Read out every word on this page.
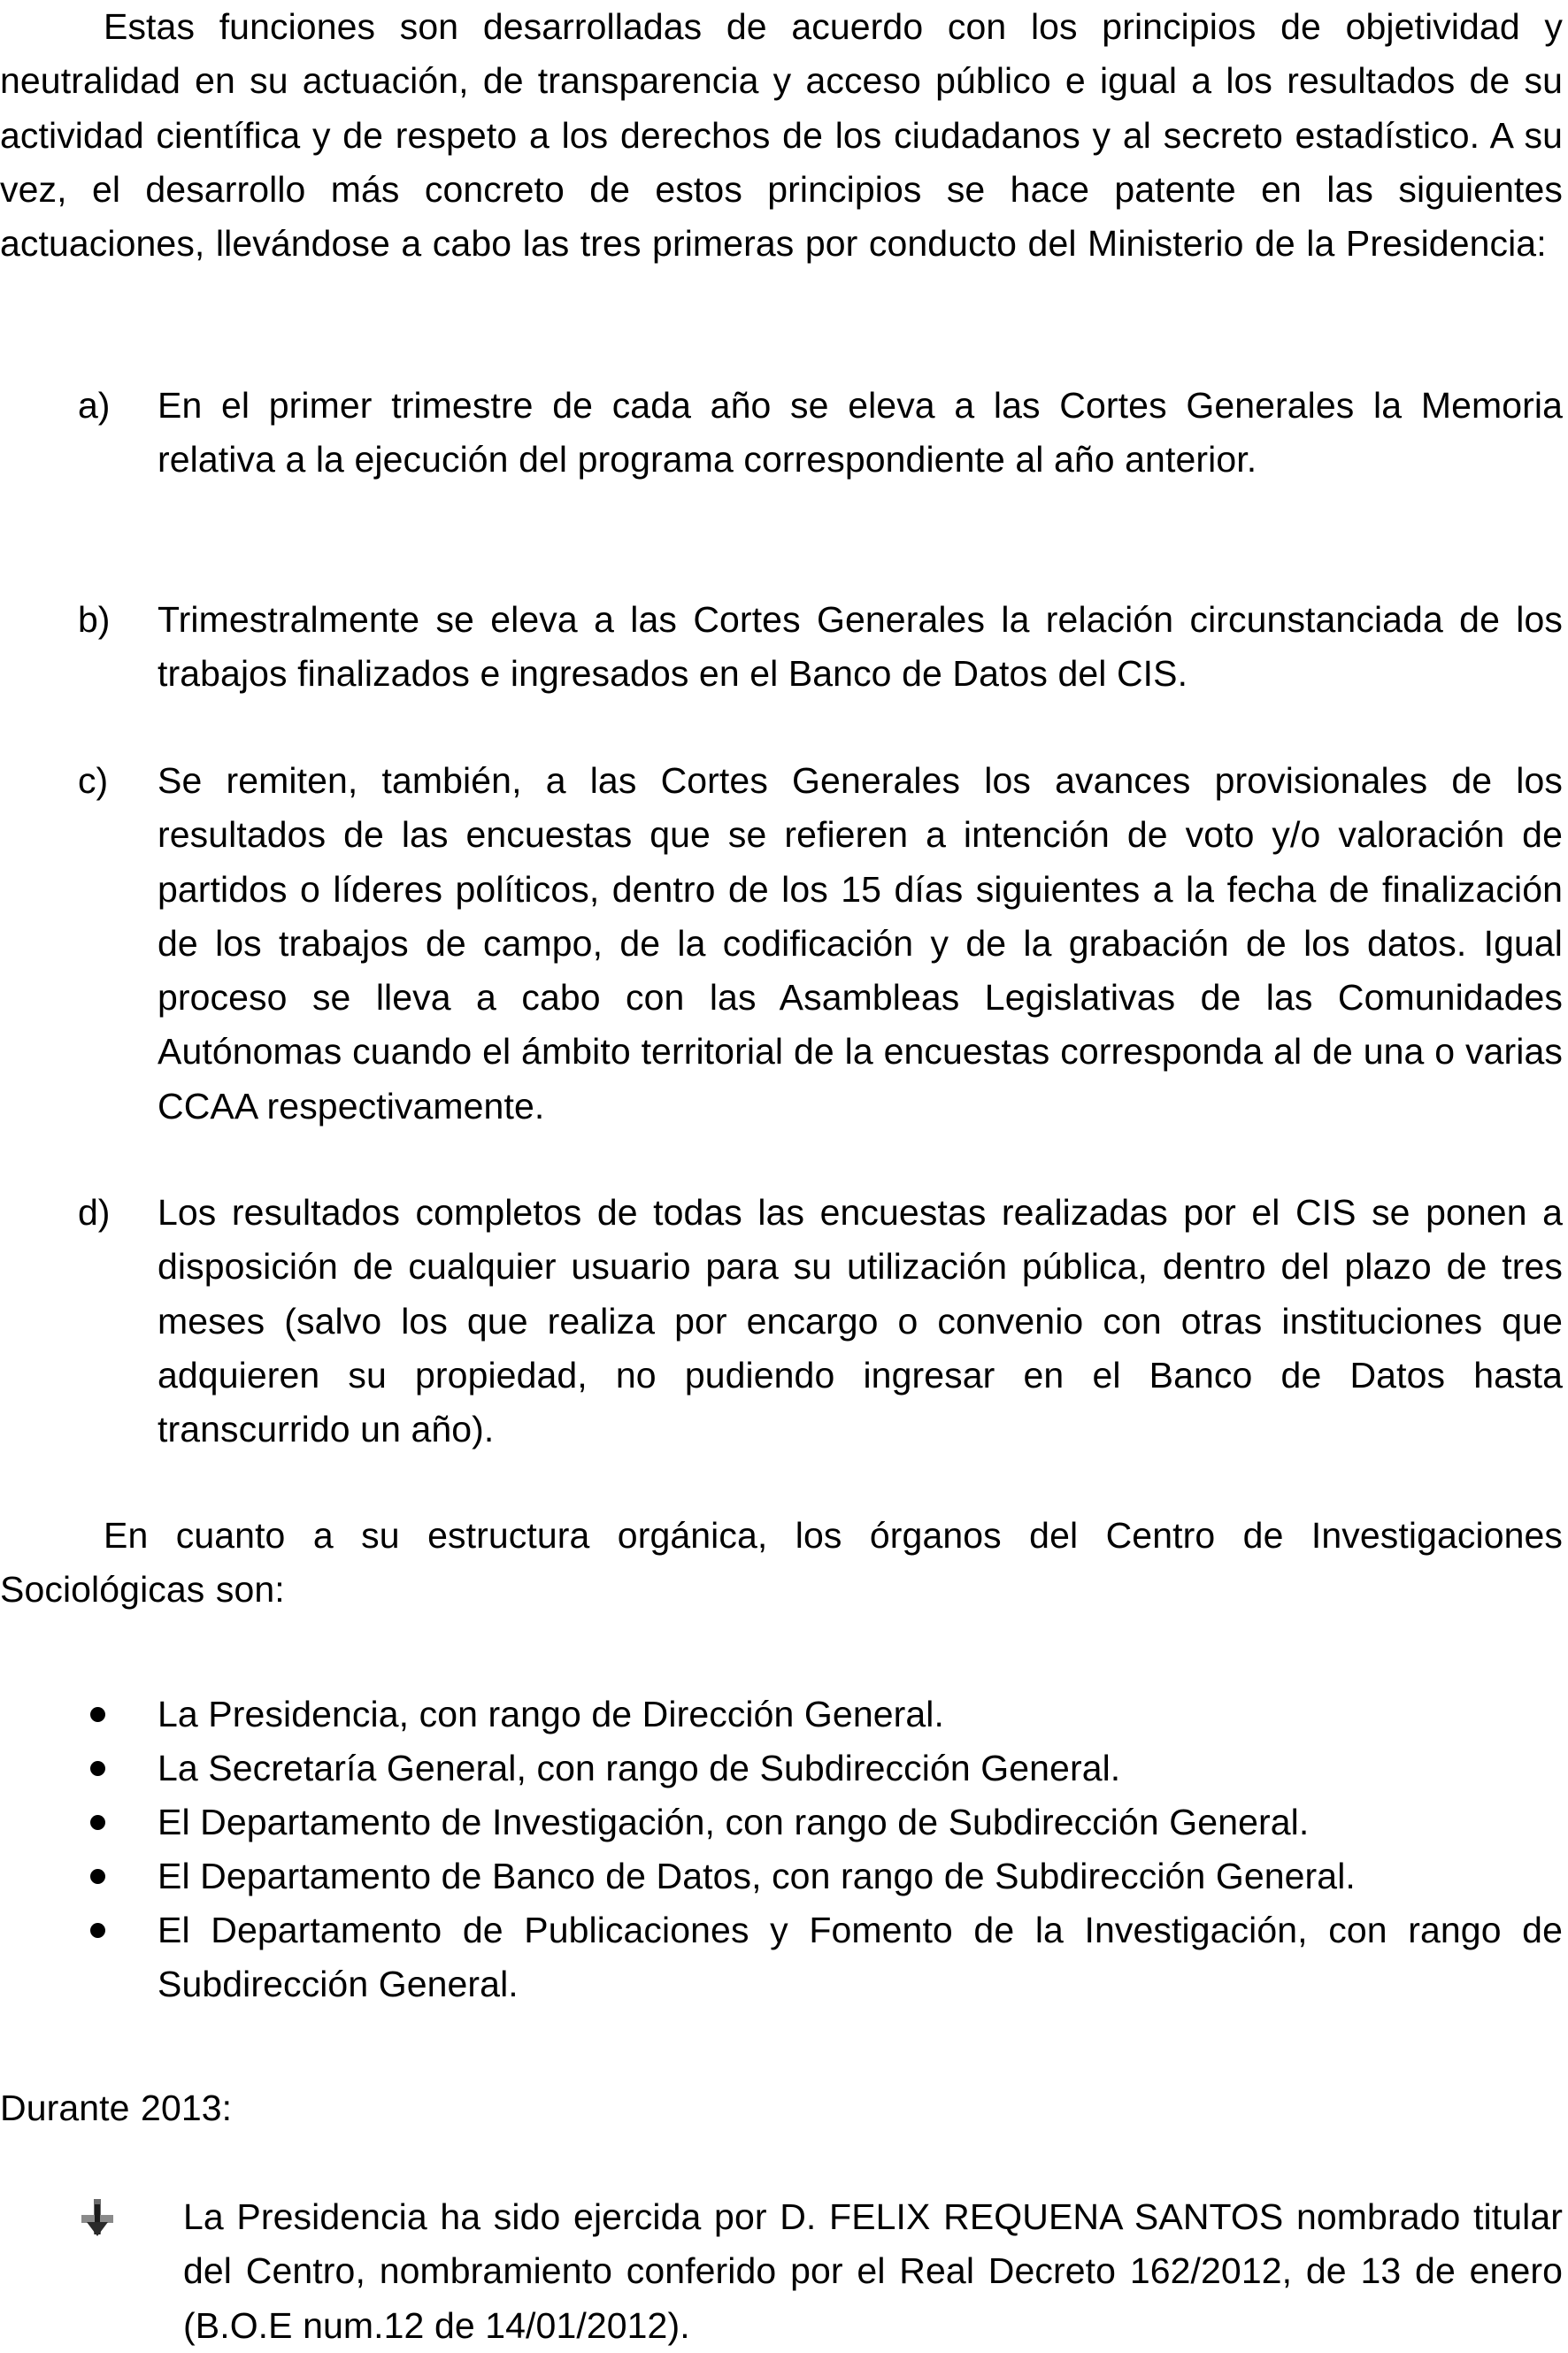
Estas funciones son desarrolladas de acuerdo con los principios de objetividad y neutralidad en su actuación, de transparencia y acceso público e igual a los resultados de su actividad científica y de respeto a los derechos de los ciudadanos y al secreto estadístico. A su vez, el desarrollo más concreto de estos principios se hace patente en las siguientes actuaciones, llevándose a cabo las tres primeras por conducto del Ministerio de la Presidencia:

a) En el primer trimestre de cada año se eleva a las Cortes Generales la Memoria relativa a la ejecución del programa correspondiente al año anterior.

b) Trimestralmente se eleva a las Cortes Generales la relación circunstanciada de los trabajos finalizados e ingresados en el Banco de Datos del CIS.

c) Se remiten, también, a las Cortes Generales los avances provisionales de los resultados de las encuestas que se refieren a intención de voto y/o valoración de partidos o líderes políticos, dentro de los 15 días siguientes a la fecha de finalización de los trabajos de campo, de la codificación y de la grabación de los datos. Igual proceso se lleva a cabo con las Asambleas Legislativas de las Comunidades Autónomas cuando el ámbito territorial de la encuestas corresponda al de una o varias CCAA respectivamente.

d) Los resultados completos de todas las encuestas realizadas por el CIS se ponen a disposición de cualquier usuario para su utilización pública, dentro del plazo de tres meses (salvo los que realiza por encargo o convenio con otras instituciones que adquieren su propiedad, no pudiendo ingresar en el Banco de Datos hasta transcurrido un año).

En cuanto a su estructura orgánica, los órganos del Centro de Investigaciones Sociológicas son:

La Presidencia, con rango de Dirección General.

La Secretaría General, con rango de Subdirección General.

El Departamento de Investigación, con rango de Subdirección General.

El Departamento de Banco de Datos, con rango de Subdirección General.

El Departamento de Publicaciones y Fomento de la Investigación, con rango de Subdirección General.

Durante 2013:

La Presidencia ha sido ejercida por D. FELIX REQUENA SANTOS nombrado titular del Centro, nombramiento conferido por el Real Decreto 162/2012, de 13 de enero (B.O.E num.12 de 14/01/2012).
